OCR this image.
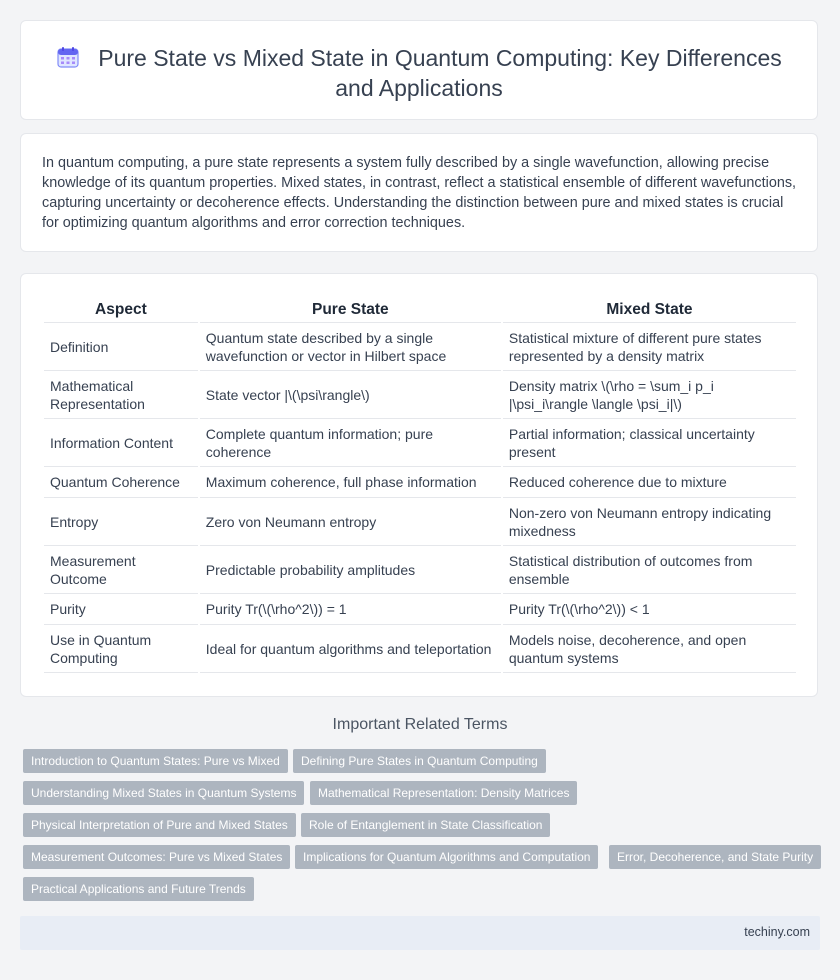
Pure State vs Mixed State in Quantum Computing: Key Differences and Applications

In quantum computing, a pure state represents a system fully described by a single wavefunction, allowing precise knowledge of its quantum properties. Mixed states, in contrast, reflect a statistical ensemble of different wavefunctions, capturing uncertainty or decoherence effects. Understanding the distinction between pure and mixed states is crucial for optimizing quantum algorithms and error correction techniques.

Aspect	Pure State	Mixed State
Definition	Quantum state described by a single wavefunction or vector in Hilbert space	Statistical mixture of different pure states represented by a density matrix
Mathematical Representation	State vector |\(\psi\rangle\)	Density matrix \(\rho = \sum_i p_i |\psi_i\rangle \langle \psi_i|\)
Information Content	Complete quantum information; pure coherence	Partial information; classical uncertainty present
Quantum Coherence	Maximum coherence, full phase information	Reduced coherence due to mixture
Entropy	Zero von Neumann entropy	Non-zero von Neumann entropy indicating mixedness
Measurement Outcome	Predictable probability amplitudes	Statistical distribution of outcomes from ensemble
Purity	Purity Tr(\(\rho^2\)) = 1	Purity Tr(\(\rho^2\)) < 1
Use in Quantum Computing	Ideal for quantum algorithms and teleportation	Models noise, decoherence, and open quantum systems
Important Related Terms
Introduction to Quantum States: Pure vs Mixed	Defining Pure States in Quantum Computing
Understanding Mixed States in Quantum Systems	Mathematical Representation: Density Matrices
Physical Interpretation of Pure and Mixed States	Role of Entanglement in State Classification
Measurement Outcomes: Pure vs Mixed States	Implications for Quantum Algorithms and Computation	Error, Decoherence, and State Purity
Practical Applications and Future Trends
techiny.com
